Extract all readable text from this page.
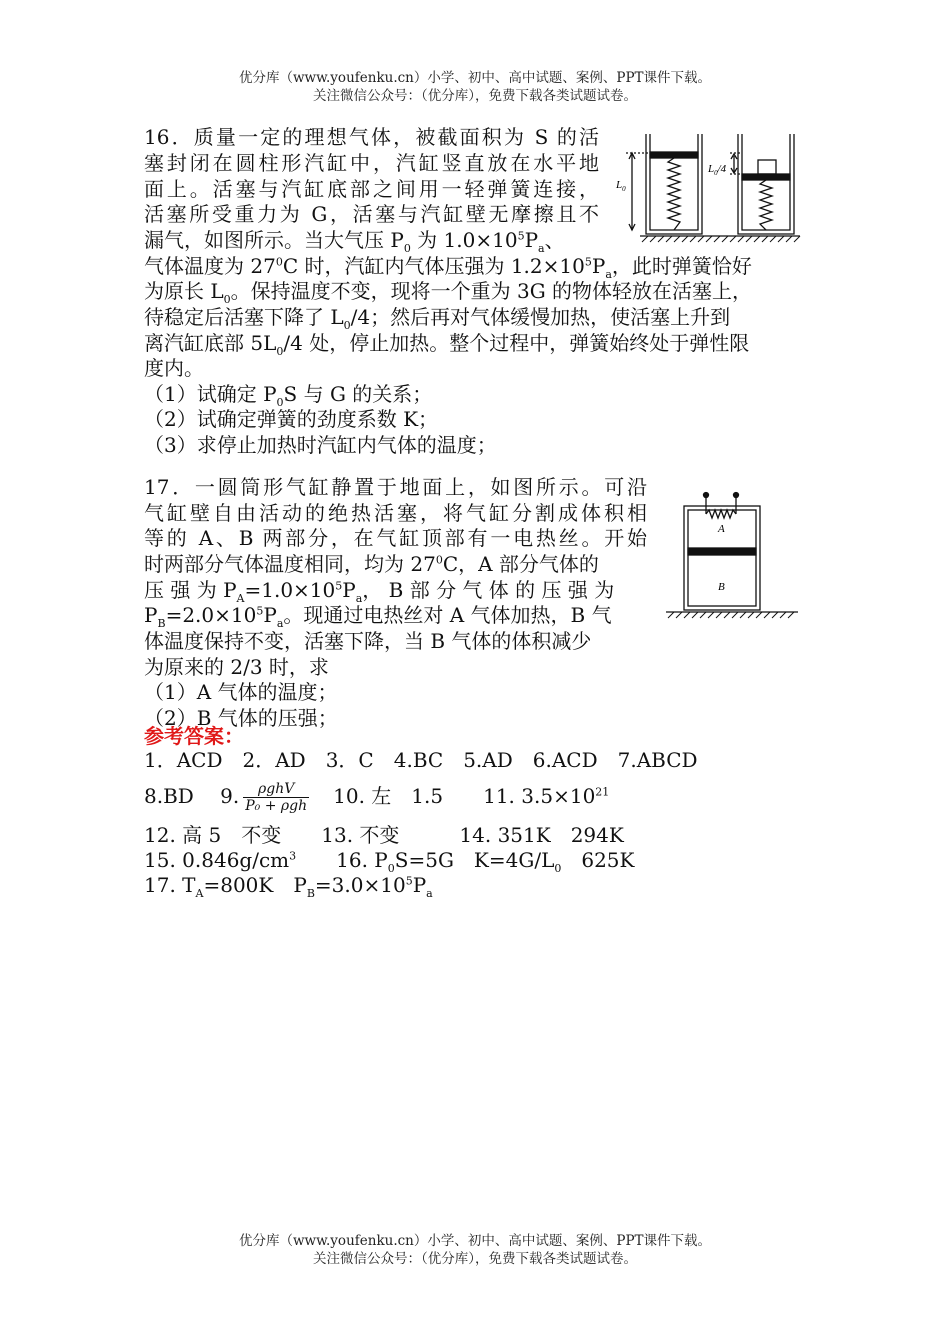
优分库（www.youfenku.cn）小学、初中、高中试题、案例、PPT课件下载。
关注微信公众号：（优分库），免费下载各类试题试卷。
16．质量一定的理想气体，被截面积为 S 的活
塞封闭在圆柱形汽缸中，汽缸竖直放在水平地
面上。活塞与汽缸底部之间用一轻弹簧连接，
活塞所受重力为 G，活塞与汽缸壁无摩擦且不
漏气，如图所示。当大气压 $P_0$ 为 $1.0\times 10^5P_a$、
气体温度为 $27^0C$ 时，汽缸内气体压强为 $1.2\times 10^5P_a$，此时弹簧恰好
为原长 $L_0$。保持温度不变，现将一个重为 3G 的物体轻放在活塞上，
待稳定后活塞下降了 $L_0/4$；然后再对气体缓慢加热，使活塞上升到
离汽缸底部 $5L_0/4$ 处，停止加热。整个过程中，弹簧始终处于弹性限
度内。
（1）试确定 $P_0S$ 与 G 的关系；
（2）试确定弹簧的劲度系数 K；
（3）求停止加热时汽缸内气体的温度；
$L_0$
$L_0/4$
17．一圆筒形气缸静置于地面上，如图所示。可沿
气缸壁自由活动的绝热活塞，将气缸分割成体积相
等的 A、B 两部分，在气缸顶部有一电热丝。开始
时两部分气体温度相同，均为 $27^0C$，A 部分气体的
压 强 为 $P_A=1.0\times 10^5P_a$， B 部 分 气 体 的 压 强 为
$P_B=2.0\times 10^5P_a$。现通过电热丝对 A 气体加热，B 气
体温度保持不变，活塞下降，当 B 气体的体积减少
为原来的 2/3 时，求
（1）A 气体的温度；
（2）B 气体的压强；
A
B
参考答案：
1．ACD　2．AD　3．C　4.BC　5.AD　6.ACD　7.ABCD
8.BD　 9. $\frac{\text{ρghV}}{\text{P₀ + ρgh}}$ 　10. 左　1.5　　11. $3.5\times 10^{21}$
12. 高 5　不变　　13. 不变　　　14. 351K　294K
15. $0.846g/cm^3$　　16. $P_0S=5G$　$K=4G/L_0$　625K
17. $T_A=800K$　$P_B=3.0\times 10^5P_a$
优分库（www.youfenku.cn）小学、初中、高中试题、案例、PPT课件下载。
关注微信公众号：（优分库），免费下载各类试题试卷。
